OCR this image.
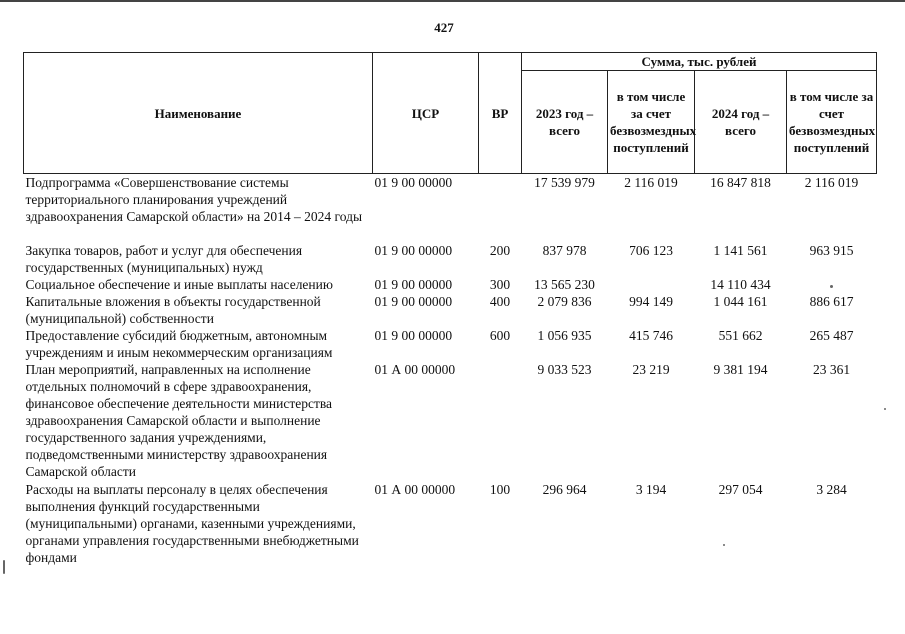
427
Наименование	ЦСР	ВР	Сумма, тыс. рублей			
			2023 год – всего	в том числе за счет безвозмездных поступлений	2024 год – всего	в том числе за счет безвозмездных поступлений
Подпрограмма «Совершенствование системы территориального планирования учреждений здравоохранения Самарской области» на 2014 – 2024 годы	01 9 00 00000		17 539 979	2 116 019	16 847 818	2 116 019
Закупка товаров, работ и услуг для обеспечения государственных (муниципальных) нужд	01 9 00 00000	200	837 978	706 123	1 141 561	963 915
Социальное обеспечение и иные выплаты населению	01 9 00 00000	300	13 565 230		14 110 434	
Капитальные вложения в объекты государственной (муниципальной) собственности	01 9 00 00000	400	2 079 836	994 149	1 044 161	886 617
Предоставление субсидий бюджетным, автономным учреждениям и иным некоммерческим организациям	01 9 00 00000	600	1 056 935	415 746	551 662	265 487
План мероприятий, направленных на исполнение отдельных полномочий в сфере здравоохранения, финансовое обеспечение деятельности министерства здравоохранения Самарской области и выполнение государственного задания учреждениями, подведомственными министерству здравоохранения Самарской области	01 А 00 00000		9 033 523	23 219	9 381 194	23 361
Расходы на выплаты персоналу в целях обеспечения выполнения функций государственными (муниципальными) органами, казенными учреждениями, органами управления государственными внебюджетными фондами	01 А 00 00000	100	296 964	3 194	297 054	3 284
